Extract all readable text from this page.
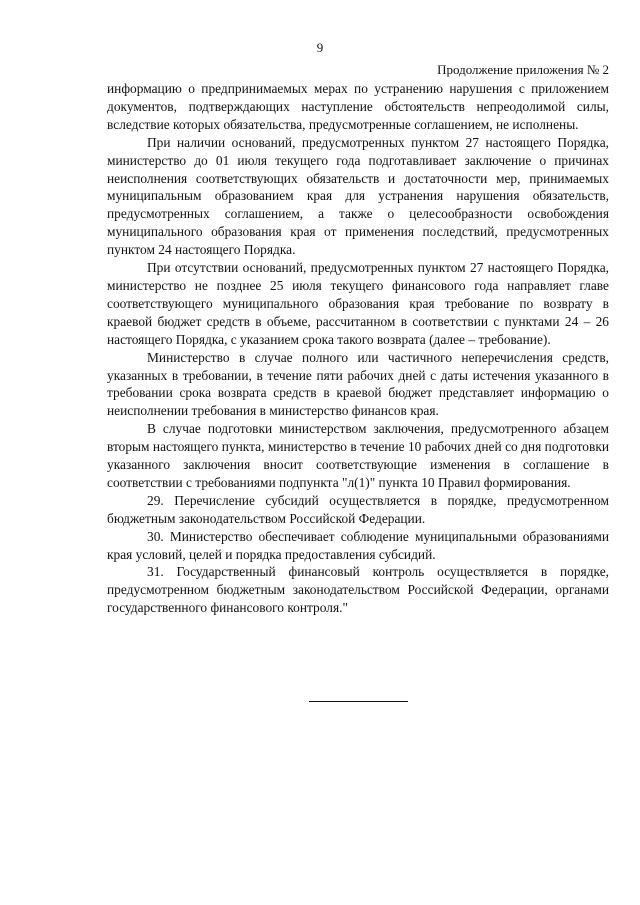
9
Продолжение приложения № 2

информацию о предпринимаемых мерах по устранению нарушения с приложением документов, подтверждающих наступление обстоятельств непреодолимой силы, вследствие которых обязательства, предусмотренные соглашением, не исполнены.

При наличии оснований, предусмотренных пунктом 27 настоящего Порядка, министерство до 01 июля текущего года подготавливает заключение о причинах неисполнения соответствующих обязательств и достаточности мер, принимаемых муниципальным образованием края для устранения нарушения обязательств, предусмотренных соглашением, а также о целесообразности освобождения муниципального образования края от применения последствий, предусмотренных пунктом 24 настоящего Порядка.

При отсутствии оснований, предусмотренных пунктом 27 настоящего Порядка, министерство не позднее 25 июля текущего финансового года направляет главе соответствующего муниципального образования края требование по возврату в краевой бюджет средств в объеме, рассчитанном в соответствии с пунктами 24 – 26 настоящего Порядка, с указанием срока такого возврата (далее – требование).

Министерство в случае полного или частичного неперечисления средств, указанных в требовании, в течение пяти рабочих дней с даты истечения указанного в требовании срока возврата средств в краевой бюджет представляет информацию о неисполнении требования в министерство финансов края.

В случае подготовки министерством заключения, предусмотренного абзацем вторым настоящего пункта, министерство в течение 10 рабочих дней со дня подготовки указанного заключения вносит соответствующие изменения в соглашение в соответствии с требованиями подпункта "л(1)" пункта 10 Правил формирования.

29. Перечисление субсидий осуществляется в порядке, предусмотренном бюджетным законодательством Российской Федерации.

30. Министерство обеспечивает соблюдение муниципальными образованиями края условий, целей и порядка предоставления субсидий.

31. Государственный финансовый контроль осуществляется в порядке, предусмотренном бюджетным законодательством Российской Федерации, органами государственного финансового контроля."
